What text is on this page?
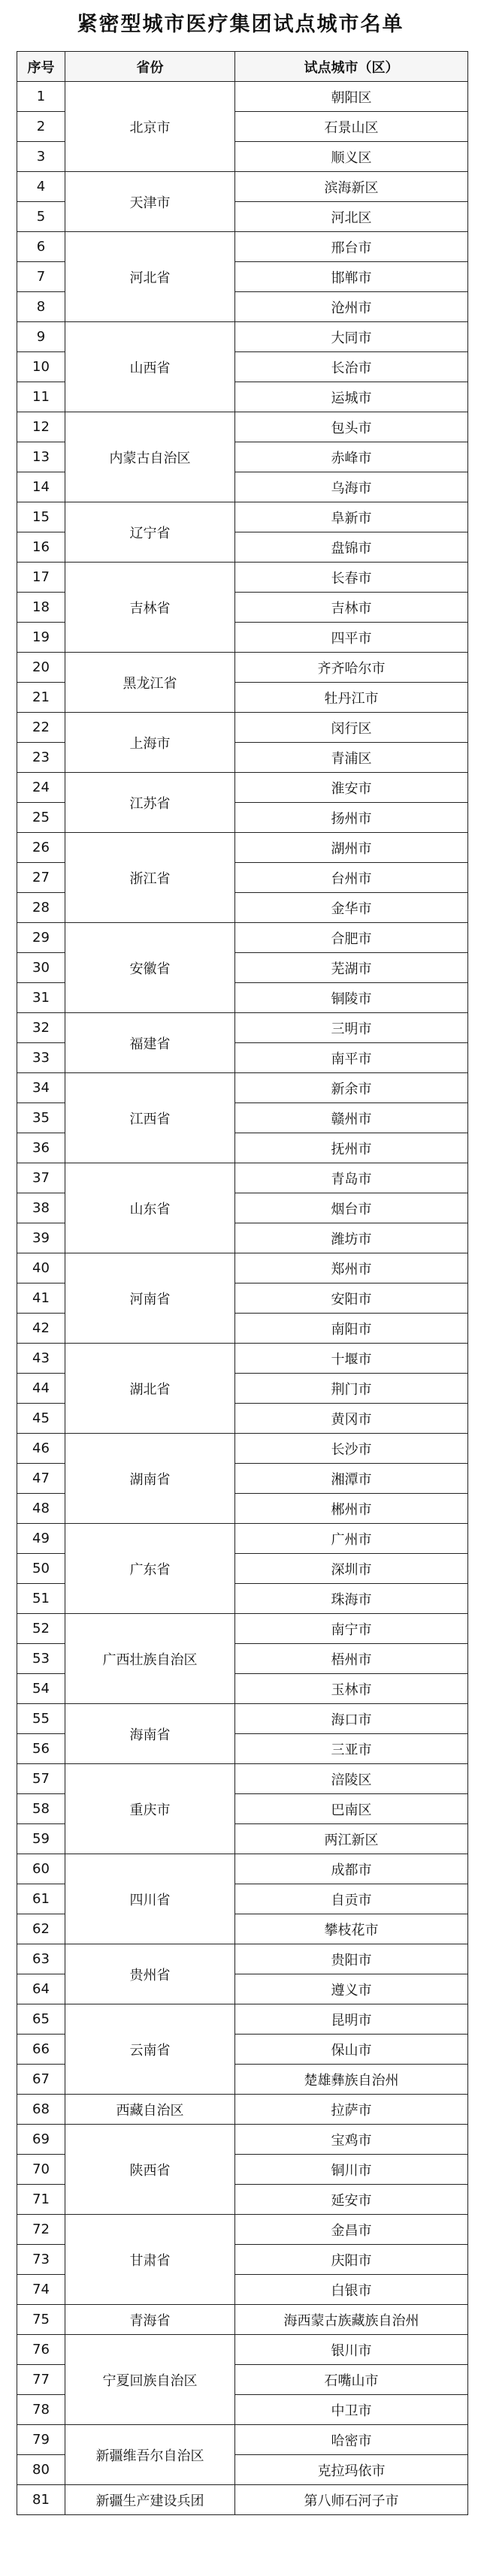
紧密型城市医疗集团试点城市名单
序号	省份	试点城市（区）
1	北京市	朝阳区
2		石景山区
3		顺义区
4	天津市	滨海新区
5		河北区
6	河北省	邢台市
7		邯郸市
8		沧州市
9	山西省	大同市
10		长治市
11		运城市
12	内蒙古自治区	包头市
13		赤峰市
14		乌海市
15	辽宁省	阜新市
16		盘锦市
17	吉林省	长春市
18		吉林市
19		四平市
20	黑龙江省	齐齐哈尔市
21		牡丹江市
22	上海市	闵行区
23		青浦区
24	江苏省	淮安市
25		扬州市
26	浙江省	湖州市
27		台州市
28		金华市
29	安徽省	合肥市
30		芜湖市
31		铜陵市
32	福建省	三明市
33		南平市
34	江西省	新余市
35		赣州市
36		抚州市
37	山东省	青岛市
38		烟台市
39		潍坊市
40	河南省	郑州市
41		安阳市
42		南阳市
43	湖北省	十堰市
44		荆门市
45		黄冈市
46	湖南省	长沙市
47		湘潭市
48		郴州市
49	广东省	广州市
50		深圳市
51		珠海市
52	广西壮族自治区	南宁市
53		梧州市
54		玉林市
55	海南省	海口市
56		三亚市
57	重庆市	涪陵区
58		巴南区
59		两江新区
60	四川省	成都市
61		自贡市
62		攀枝花市
63	贵州省	贵阳市
64		遵义市
65	云南省	昆明市
66		保山市
67		楚雄彝族自治州
68	西藏自治区	拉萨市
69	陕西省	宝鸡市
70		铜川市
71		延安市
72	甘肃省	金昌市
73		庆阳市
74		白银市
75	青海省	海西蒙古族藏族自治州
76	宁夏回族自治区	银川市
77		石嘴山市
78		中卫市
79	新疆维吾尔自治区	哈密市
80		克拉玛依市
81	新疆生产建设兵团	第八师石河子市
